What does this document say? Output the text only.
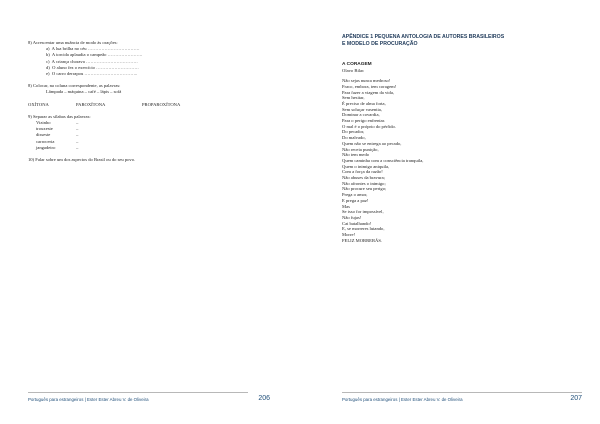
8) Acrescentar uma nuância de modo às orações:
a)  A lua brilha no céu …………………………….
b)  A torcida aplaudia o campeão …………………..
c)  A criança chorava …………………………….
d)  O aluno fez o exercício ……………………….
e)  O carro derrapou ……………………………..
8) Colocar, na coluna correspondente, as palavras:
Lâmpada – máquina – café – lápis – sofá
OXÍTONA	PAROXÍTONA	PROPAROXÍTONA
9) Separar as sílabas das palavras:
Vizinho	–
trouxeste	–
disseste	–
carroceria	–
jangadeiro	–
10) Falar sobre um dos aspectos do Brasil ou do seu povo.
Português para estrangeiros | Ester Ester Abreu V. de Oliveira	206
APÊNDICE 1 PEQUENA ANTOLOGIA DE AUTORES BRASILEIROS
E MODELO DE PROCURAÇÃO
A CORAGEM
Olavo Bilac
Não sejas nunca medroso!
Fraco, embora, tem coragem!
Para fazer a viagem da vida,
Sem hesitar,
É preciso de alma forta,
Sem soluçar vasentia,
Dominar a covardia,
Para o perigo enfrentar.
O mal é o próprio do pérfido.
Do pecador,
Do malvado,
Quem não se entrega ao pecado,
Não receia punição,
Não tem medo
Quem caminha com a consciência tranquila,
Quem o inimigo aniquila,
Com a força da razão!
Não abuses da bravura;
Não afrontes o inimigo;
Não procure seu perigo;
Prega o amor,
E prega a paz!
Mas
Se isso for impossível,
Não fujas!
Cai batalhando!
E, se morreres lutando,
Morre!
FELIZ MORRERÁS.
Português para estrangeiros | Ester Ester Abreu V. de Oliveira	207
